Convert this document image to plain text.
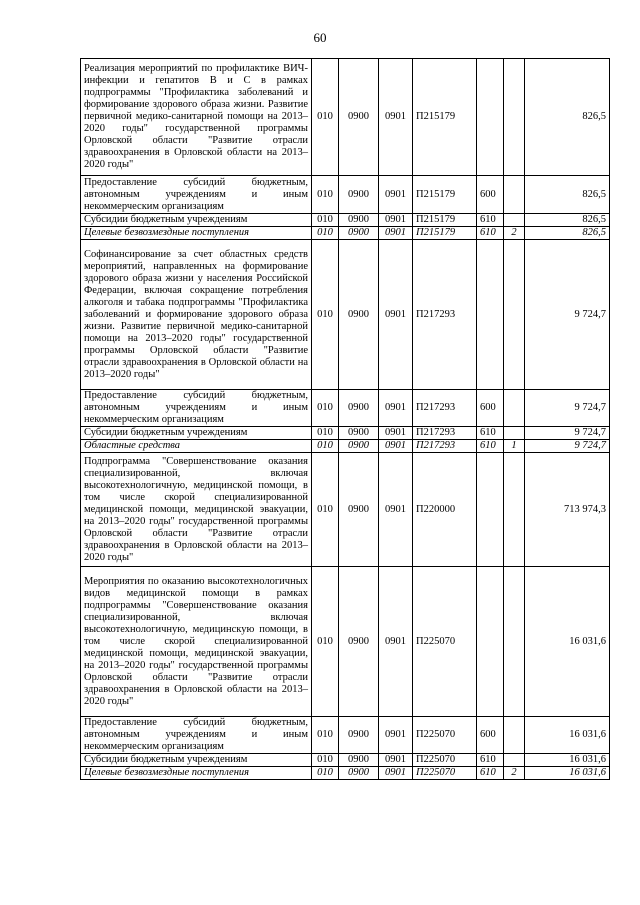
60
Реализация мероприятий по профилактике ВИЧ-инфекции и гепатитов В и С в рамках подпрограммы "Профилактика заболеваний и формирование здорового образа жизни. Развитие первичной медико-санитарной помощи на 2013–2020 годы" государственной программы Орловской области "Развитие отрасли здравоохранения в Орловской области на 2013–2020 годы"	010	0900	0901	П215179			826,5
Предоставление субсидий бюджетным, автономным учреждениям и иным некоммерческим организациям	010	0900	0901	П215179	600		826,5
Субсидии бюджетным учреждениям	010	0900	0901	П215179	610		826,5
Целевые безвозмездные поступления	010	0900	0901	П215179	610	2	826,5
Софинансирование за счет областных средств мероприятий, направленных на формирование здорового образа жизни у населения Российской Федерации, включая сокращение потребления алкоголя и табака подпрограммы "Профилактика заболеваний и формирование здорового образа жизни. Развитие первичной медико-санитарной помощи на 2013–2020 годы" государственной программы Орловской области "Развитие отрасли здравоохранения в Орловской области на 2013–2020 годы"	010	0900	0901	П217293			9 724,7
Предоставление субсидий бюджетным, автономным учреждениям и иным некоммерческим организациям	010	0900	0901	П217293	600		9 724,7
Субсидии бюджетным учреждениям	010	0900	0901	П217293	610		9 724,7
Областные средства	010	0900	0901	П217293	610	1	9 724,7
Подпрограмма "Совершенствование оказания специализированной, включая высокотехнологичную, медицинской помощи, в том числе скорой специализированной медицинской помощи, медицинской эвакуации, на 2013–2020 годы" государственной программы Орловской области "Развитие отрасли здравоохранения в Орловской области на 2013–2020 годы"	010	0900	0901	П220000			713 974,3
Мероприятия по оказанию высокотехнологичных видов медицинской помощи в рамках подпрограммы "Совершенствование оказания специализированной, включая высокотехнологичную, медицинскую помощи, в том числе скорой специализированной медицинской помощи, медицинской эвакуации, на 2013–2020 годы" государственной программы Орловской области "Развитие отрасли здравоохранения в Орловской области на 2013–2020 годы"	010	0900	0901	П225070			16 031,6
Предоставление субсидий бюджетным, автономным учреждениям и иным некоммерческим организациям	010	0900	0901	П225070	600		16 031,6
Субсидии бюджетным учреждениям	010	0900	0901	П225070	610		16 031,6
Целевые безвозмездные поступления	010	0900	0901	П225070	610	2	16 031,6
